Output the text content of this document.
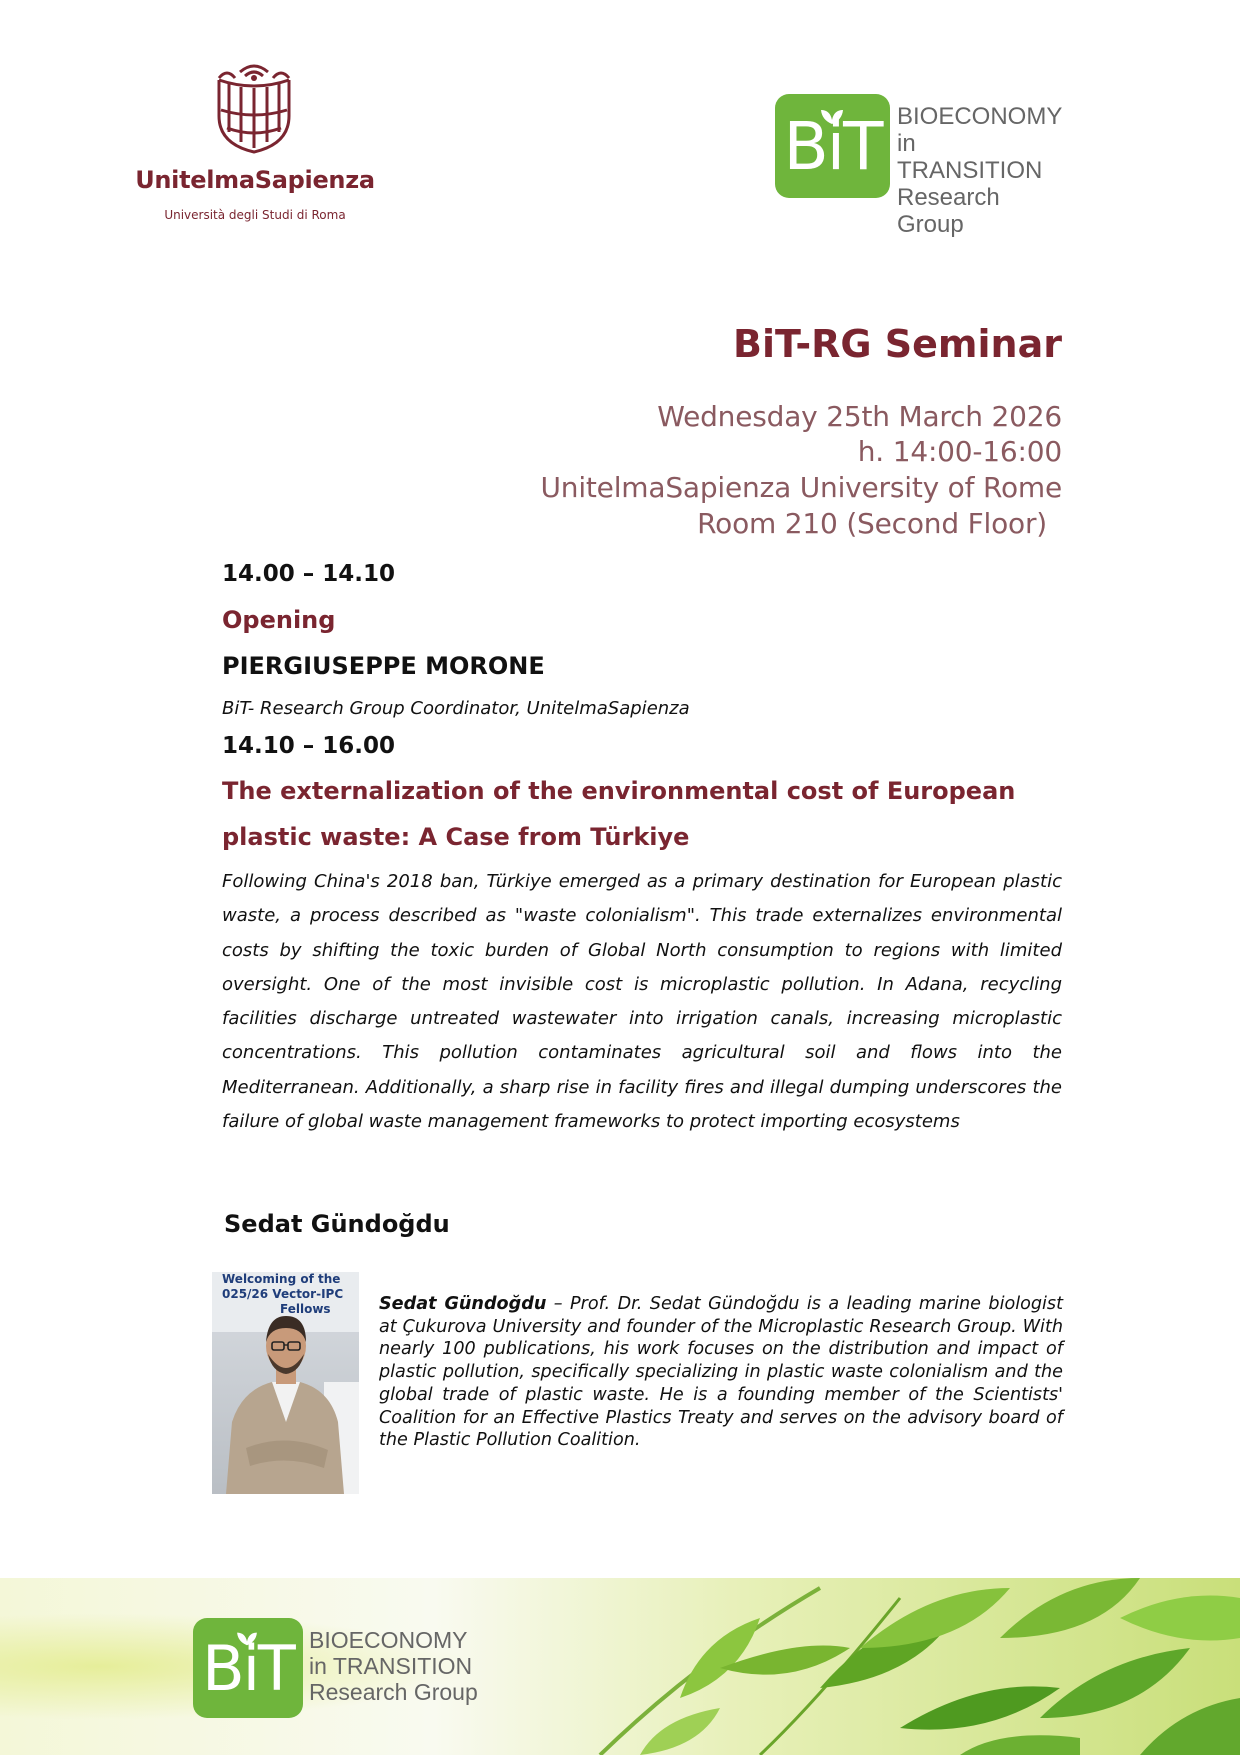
UnitelmaSapienza
Università degli Studi di Roma
BiT BIOECONOMY
in TRANSITION
Research Group
BiT-RG Seminar
Wednesday 25th March 2026
h. 14:00-16:00
UnitelmaSapienza University of Rome
Room 210 (Second Floor)
14.00 – 14.10
Opening
PIERGIUSEPPE MORONE
BiT- Research Group Coordinator, UnitelmaSapienza
14.10 – 16.00
The externalization of the environmental cost of European
plastic waste: A Case from Türkiye
Following China's 2018 ban, Türkiye emerged as a primary destination for European plastic waste, a process described as "waste colonialism". This trade externalizes environmental costs by shifting the toxic burden of Global North consumption to regions with limited oversight. One of the most invisible cost is microplastic pollution. In Adana, recycling facilities discharge untreated wastewater into irrigation canals, increasing microplastic concentrations. This pollution contaminates agricultural soil and flows into the Mediterranean. Additionally, a sharp rise in facility fires and illegal dumping underscores the failure of global waste management frameworks to protect importing ecosystems
Sedat Gündoğdu
Welcoming of the
025/26 Vector-IPC
Fellows	Sedat Gündoğdu – Prof. Dr. Sedat Gündoğdu is a leading marine biologist at Çukurova University and founder of the Microplastic Research Group. With nearly 100 publications, his work focuses on the distribution and impact of plastic pollution, specifically specializing in plastic waste colonialism and the global trade of plastic waste. He is a founding member of the Scientists' Coalition for an Effective Plastics Treaty and serves on the advisory board of the Plastic Pollution Coalition.
BiT BIOECONOMY
in TRANSITION
Research Group
